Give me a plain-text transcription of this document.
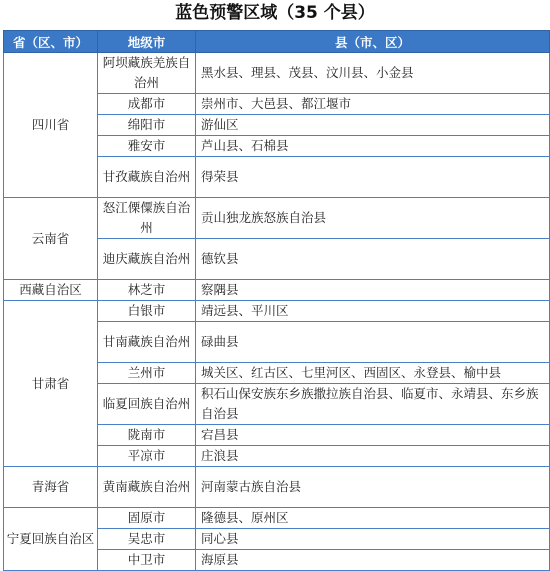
蓝色预警区域（35 个县）
省（区、市）	地级市	县（市、区）
四川省	阿坝藏族羌族自治州	黑水县、理县、茂县、汶川县、小金县
	成都市	崇州市、大邑县、都江堰市
	绵阳市	游仙区
	雅安市	芦山县、石棉县
	甘孜藏族自治州	得荣县
云南省	怒江傈僳族自治州	贡山独龙族怒族自治县
	迪庆藏族自治州	德钦县
西藏自治区	林芝市	察隅县
甘肃省	白银市	靖远县、平川区
	甘南藏族自治州	碌曲县
	兰州市	城关区、红古区、七里河区、西固区、永登县、榆中县
	临夏回族自治州	积石山保安族东乡族撒拉族自治县、临夏市、永靖县、东乡族自治县
	陇南市	宕昌县
	平凉市	庄浪县
青海省	黄南藏族自治州	河南蒙古族自治县
宁夏回族自治区	固原市	隆德县、原州区
	吴忠市	同心县
	中卫市	海原县
